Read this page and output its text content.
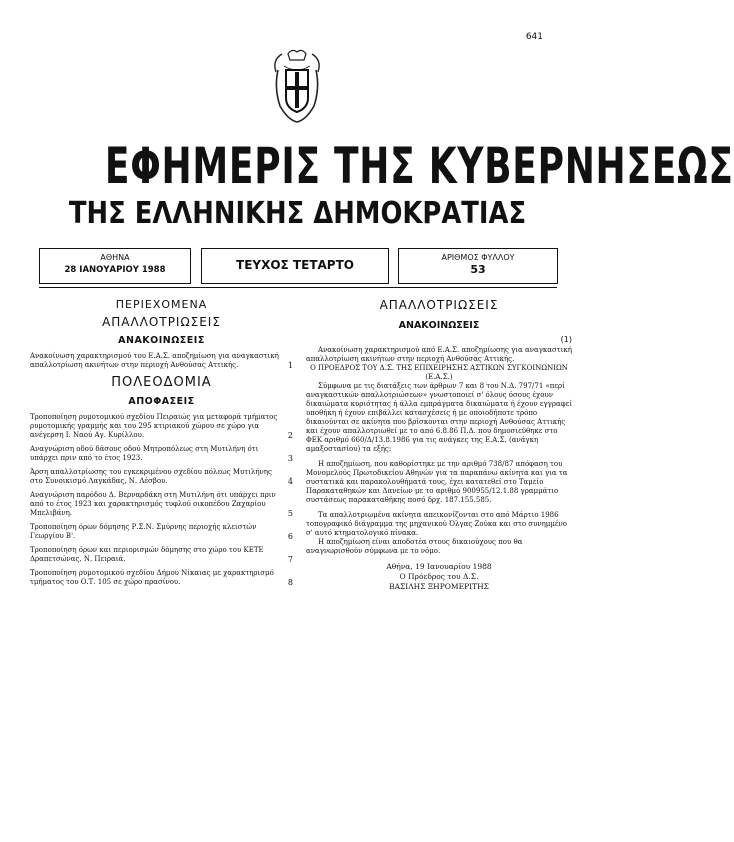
641
ΕΦΗΜΕΡΙΣ ΤΗΣ ΚΥΒΕΡΝΗΣΕΩΣ
ΤΗΣ ΕΛΛΗΝΙΚΗΣ ΔΗΜΟΚΡΑΤΙΑΣ
ΑΘΗΝΑ
28 ΙΑΝΟΥΑΡΙΟΥ 1988	ΤΕΥΧΟΣ ΤΕΤΑΡΤΟ
ΑΡΙΘΜΟΣ ΦΥΛΛΟΥ
53
ΠΕΡΙΕΧΟΜΕΝΑ
ΑΠΑΛΛΟΤΡΙΩΣΕΙΣ
ΑΝΑΚΟΙΝΩΣΕΙΣ
Ανακοίνωση χαρακτηρισμού του Ε.Α.Σ. αποζημίωση για αναγκαστική απαλλοτρίωση ακινήτων στην περιοχή Ανθούσας Αττικής.	1
ΠΟΛΕΟΔΟΜΙΑ
ΑΠΟΦΑΣΕΙΣ
Τροποποίηση ρυμοτομικού σχεδίου Πειραιώς για μεταφορά τμήματος ρυμοτομικής γραμμής και του 295 κτιριακού χώρου σε χώρο για ανέγερση Ι. Ναού Αγ. Κυρίλλου.	2
Αναγνώριση οδού δάσους οδού Μητροπόλεως στη Μυτιλήνη ότι υπάρχει πριν από το έτος 1923.	3
Άρση απαλλοτρίωσης του εγκεκριμένου σχεδίου πόλεως Μυτιλήνης στο Συνοικισμό Λαγκάδας, Ν. Λέσβου.	4
Αναγνώριση παρόδου Δ. Βερναρδάκη στη Μυτιλήνη ότι υπάρχει πριν από το έτος 1923 και χαρακτηρισμός τυφλού οικοπέδου Ζαχαρίου Μπελιβάνη.	5
Τροποποίηση όρων δόμησης Ρ.Σ.Ν. Σμύρνης περιοχής κλειστών Γεωργίου Β'.	6
Τροποποίηση όρων και περιορισμών δόμησης στο χώρο του ΚΕΤΕ Δραπετσώνας, Ν. Πειραιά.	7
Τροποποίηση ρυμοτομικού σχεδίου Δήμου Νίκαιας με χαρακτηρισμό τμήματος του Ο.Τ. 105 σε χώρο πρασίνου.	8
ΑΠΑΛΛΟΤΡΙΩΣΕΙΣ
ΑΝΑΚΟΙΝΩΣΕΙΣ
(1)
Ανακοίνωση χαρακτηρισμού από Ε.Α.Σ. αποζημίωσης για αναγκαστική απαλλοτρίωση ακινήτων στην περιοχή Ανθούσας Αττικής.
Ο ΠΡΟΕΔΡΟΣ ΤΟΥ Δ.Σ. ΤΗΣ ΕΠΙΧΕΙΡΗΣΗΣ ΑΣΤΙΚΩΝ ΣΥΓΚΟΙΝΩΝΙΩΝ (Ε.Α.Σ.)
Σύμφωνα με τις διατάξεις των άρθρων 7 και 8 του Ν.Δ. 797/71 «περί αναγκαστικών απαλλοτριώσεων» γνωστοποιεί σ' όλους όσους έχουν δικαιώματα κυριότητας ή άλλα εμπράγματα δικαιώματα ή έχουν εγγραφεί υποθήκη ή έχουν επιβάλλει κατασχέσεις ή με οποιοδήποτε τρόπο δικαιούνται σε ακίνητα που βρίσκονται στην περιοχή Ανθούσας Αττικής και έχουν απαλλοτριωθεί με το από 6.8.86 Π.Δ. που δημοσιεύθηκε στο ΦΕΚ αριθμό 660/Δ/13.8.1986 για τις ανάγκες της Ε.Α.Σ. (ανάγκη αμαξοστασίου) τα εξής:
Η αποζημίωση, που καθορίστηκε με την αριθμό 738/87 απόφαση του Μονομελούς Πρωτοδικείου Αθηνών για τα παραπάνω ακίνητα και για τα συστατικά και παρακολουθήματά τους, έχει κατατεθεί στο Ταμείο Παρακαταθηκών και Δανείων με το αριθμό 900955/12.1.88 γραμμάτιο συστάσεως παρακαταθήκης ποσό δρχ. 187.155.585.
Τα απαλλοτριωμένα ακίνητα απεικονίζονται στο από Μάρτιο 1986 τοπογραφικό διάγραμμα της μηχανικού Όλγας Ζούκα και στο συνημμένο σ' αυτό κτηματολογικό πίνακα.
Η αποζημίωση είναι αποδοτέα στους δικαιούχους που θα αναγνωρισθούν σύμφωνα με το νόμο.
Αθήνα, 19 Ιανουαρίου 1988
Ο Πρόεδρος του Δ.Σ.
ΒΑΣΙΛΗΣ ΞΗΡΟΜΕΡΙΤΗΣ
